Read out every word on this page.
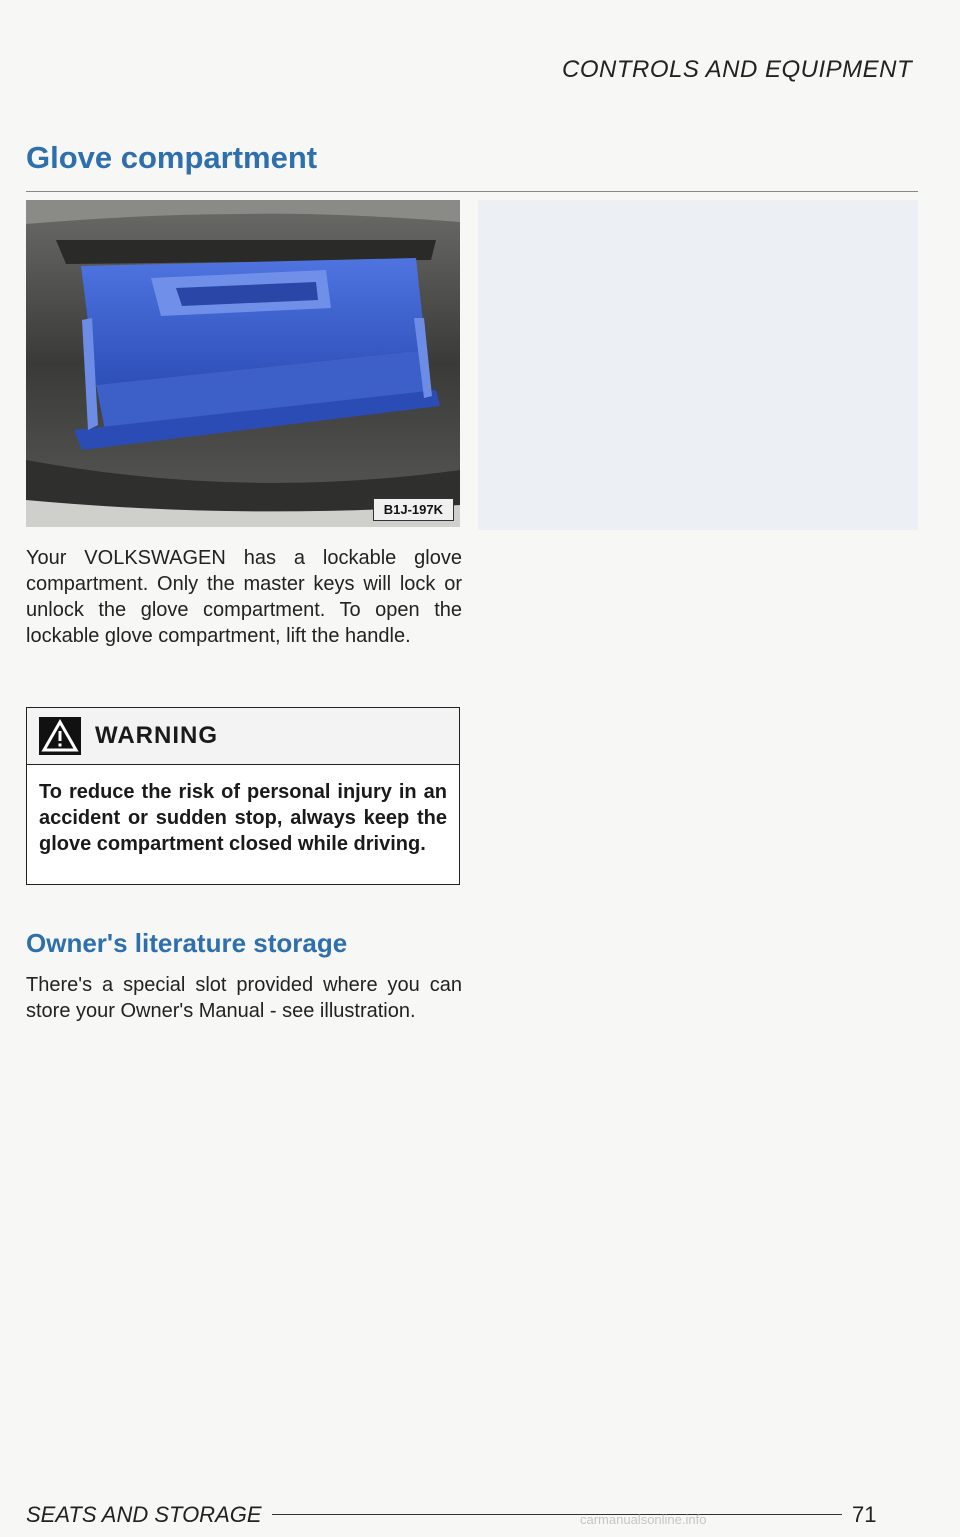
CONTROLS AND EQUIPMENT
Glove compartment
B1J-197K
Your VOLKSWAGEN has a lockable glove compartment. Only the master keys will lock or unlock the glove compartment. To open the lockable glove compartment, lift the handle.
WARNING
To reduce the risk of personal injury in an accident or sudden stop, always keep the glove compartment closed while driving.
Owner's literature storage
There's a special slot provided where you can store your Owner's Manual - see illustration.
SEATS AND STORAGE	carmanualsonline.info	71
